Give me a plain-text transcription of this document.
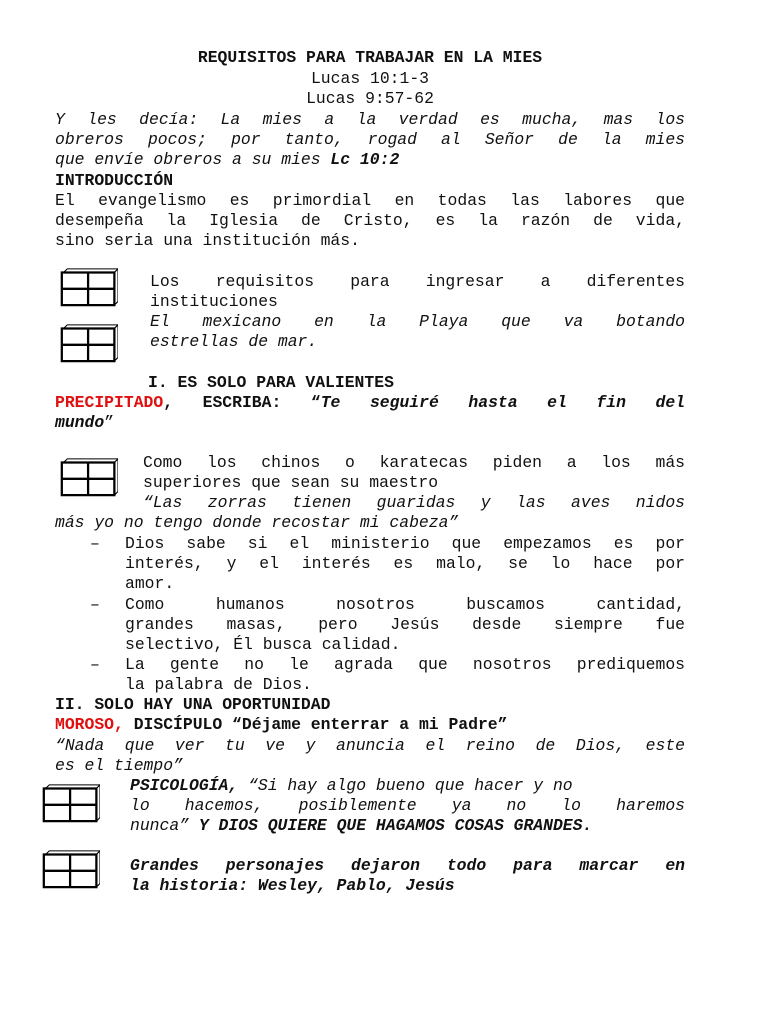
REQUISITOS PARA TRABAJAR EN LA MIES
Lucas 10:1-3
Lucas 9:57-62
Y les decía: La mies a la verdad es mucha, mas los
obreros pocos; por tanto, rogad al Señor de la mies
que envíe obreros a su mies Lc 10:2
INTRODUCCIÓN
El evangelismo es primordial en todas las labores que
desempeña la Iglesia de Cristo, es la razón de vida,
sino seria una institución más.
Los requisitos para ingresar a diferentes
instituciones
El mexicano en la Playa que va botando
estrellas de mar.
I. ES SOLO PARA VALIENTES
PRECIPITADO, ESCRIBA: “Te seguiré hasta el fin del
mundo”
Como los chinos o karatecas piden a los más
superiores que sean su maestro
“Las zorras tienen guaridas y las aves nidos
más yo no tengo donde recostar mi cabeza”
– Dios sabe si el ministerio que empezamos es por
interés, y el interés es malo, se lo hace por
amor.
– Como humanos nosotros buscamos cantidad,
grandes masas, pero Jesús desde siempre fue
selectivo, Él busca calidad.
– La gente no le agrada que nosotros prediquemos
la palabra de Dios.
II. SOLO HAY UNA OPORTUNIDAD
MOROSO, DISCÍPULO “Déjame enterrar a mi Padre”
“Nada que ver tu ve y anuncia el reino de Dios, este
es el tiempo”
PSICOLOGÍA, “Si hay algo bueno que hacer y no
lo hacemos, posiblemente ya no lo haremos
nunca” Y DIOS QUIERE QUE HAGAMOS COSAS GRANDES.
Grandes personajes dejaron todo para marcar en
la historia: Wesley, Pablo, Jesús
